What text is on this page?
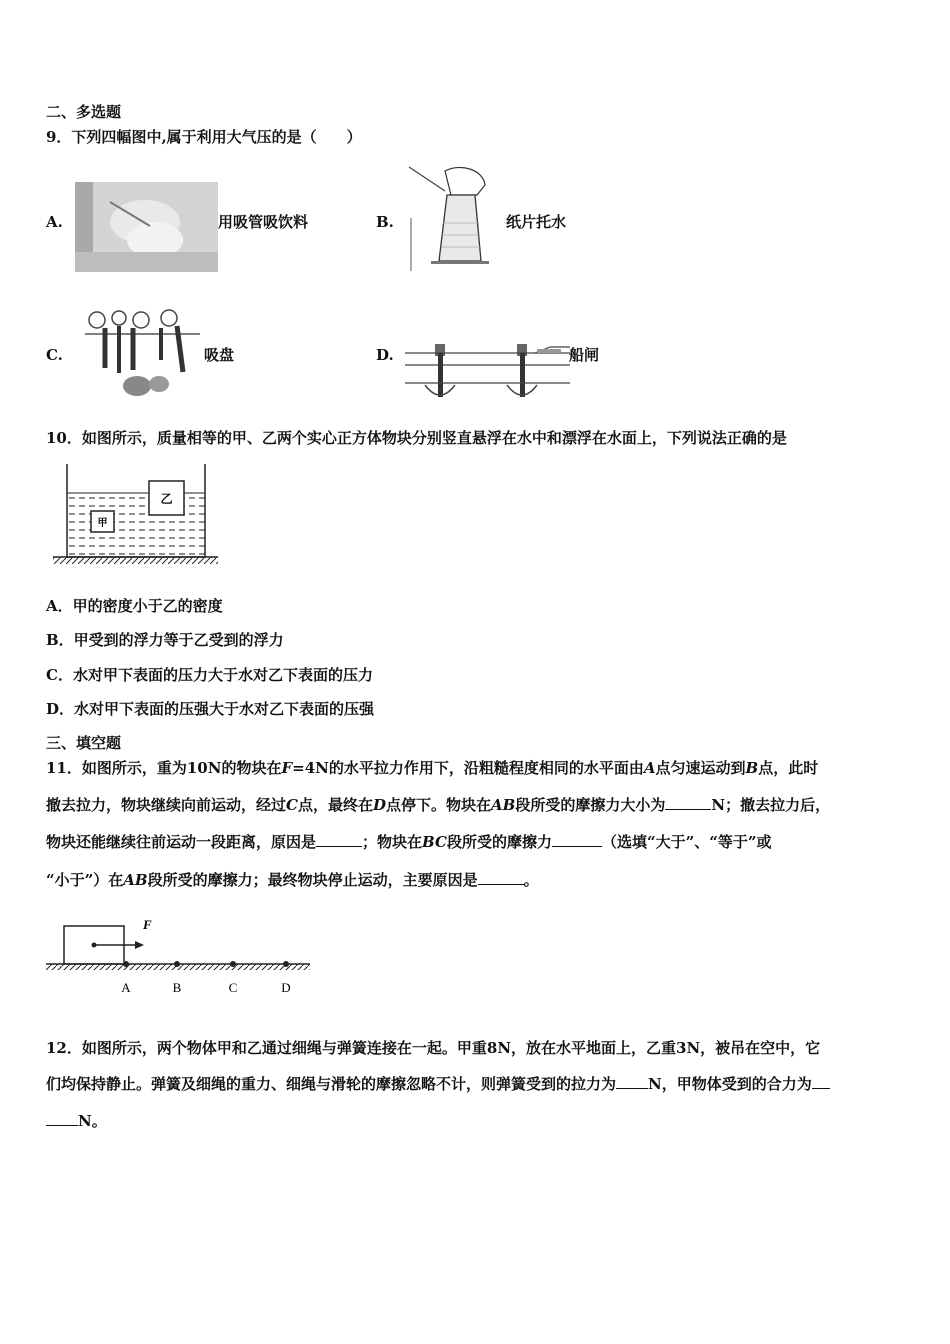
二、多选题
9．下列四幅图中,属于利用大气压的是（　　）
A.	用吸管吸饮料	B.	纸片托水
C.	吸盘	D.	船闸
10．如图所示，质量相等的甲、乙两个实心正方体物块分别竖直悬浮在水中和漂浮在水面上，下列说法正确的是
乙
甲
A．甲的密度小于乙的密度
B．甲受到的浮力等于乙受到的浮力
C．水对甲下表面的压力大于水对乙下表面的压力
D．水对甲下表面的压强大于水对乙下表面的压强
三、填空题
11．如图所示，重为10N的物块在F=4N的水平拉力作用下，沿粗糙程度相同的水平面由A点匀速运动到B点，此时
撤去拉力，物块继续向前运动，经过C点，最终在D点停下。物块在AB段所受的摩擦力大小为	N；撤去拉力后，
物块还能继续往前运动一段距离，原因是	；物块在BC段所受的摩擦力	（选填“大于”、“等于”或
“小于”）在AB段所受的摩擦力；最终物块停止运动，主要原因是	。
F
A	B	C	D
12．如图所示，两个物体甲和乙通过细绳与弹簧连接在一起。甲重8N，放在水平地面上，乙重3N，被吊在空中，它
们均保持静止。弹簧及细绳的重力、细绳与滑轮的摩擦忽略不计，则弹簧受到的拉力为 N，甲物体受到的合力为
N。
